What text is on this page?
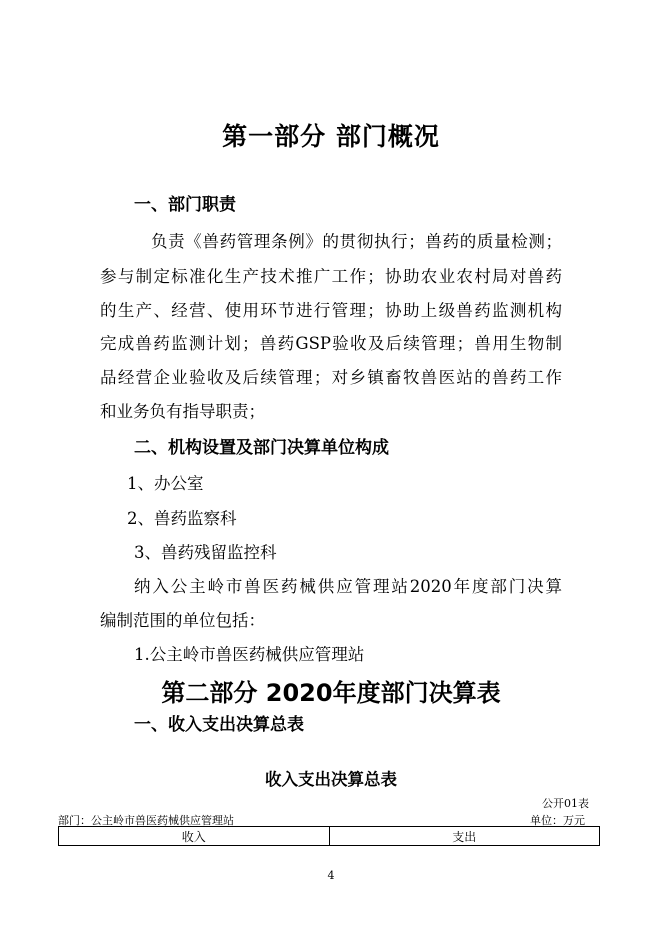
第一部分 部门概况
一、部门职责
负责《兽药管理条例》的贯彻执行；兽药的质量检测；
参与制定标准化生产技术推广工作；协助农业农村局对兽药
的生产、经营、使用环节进行管理；协助上级兽药监测机构
完成兽药监测计划；兽药GSP验收及后续管理；兽用生物制
品经营企业验收及后续管理；对乡镇畜牧兽医站的兽药工作
和业务负有指导职责；
二、机构设置及部门决算单位构成
1、办公室
2、兽药监察科
3、兽药残留监控科
纳入公主岭市兽医药械供应管理站2020年度部门决算
编制范围的单位包括：
1.公主岭市兽医药械供应管理站
第二部分 2020年度部门决算表
一、收入支出决算总表
收入支出决算总表
公开01表
部门：公主岭市兽医药械供应管理站	单位：万元
收入	支出
4
